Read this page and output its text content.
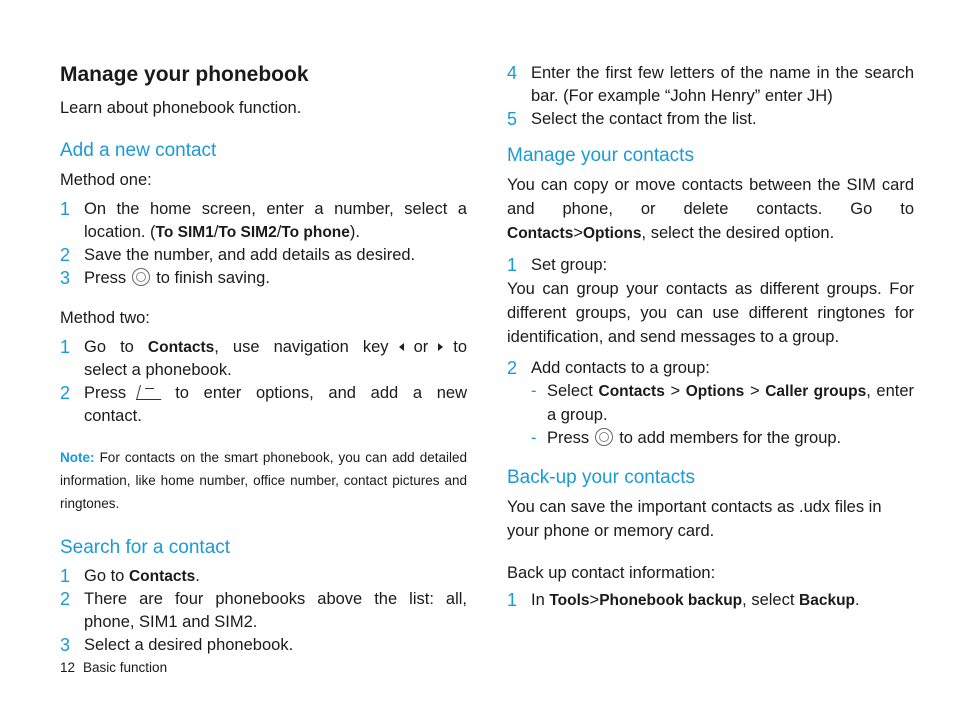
Manage your phonebook

Learn about phonebook function.

Add a new contact

Method one:

1 On the home screen, enter a number, select a location. (To SIM1/To SIM2/To phone).
2 Save the number, and add details as desired.
3 Press to finish saving.

Method two:

1 Go to Contacts, use navigation key or to select a phonebook.
2 Press	to enter options, and add a new contact.

Note: For contacts on the smart phonebook, you can add detailed information, like home number, office number, contact pictures and ringtones.

Search for a contact
1 Go to Contacts.
2 There are four phonebooks above the list: all, phone, SIM1 and SIM2.
3 Select a desired phonebook.
4 Enter the first few letters of the name in the search bar. (For example “John Henry” enter JH)
5 Select the contact from the list.
Manage your contacts

You can copy or move contacts between the SIM card and phone, or delete contacts. Go to Contacts>Options, select the desired option.

1 Set group:

You can group your contacts as different groups. For different groups, you can use different ringtones for identification, and send messages to a group.

2 Add contacts to a group:
- Select Contacts > Options > Caller groups, enter a group.
- Press to add members for the group.
Back-up your contacts

You can save the important contacts as .udx files in your phone or memory card.

Back up contact information:

1 In Tools>Phonebook backup, select Backup.
12 Basic function
